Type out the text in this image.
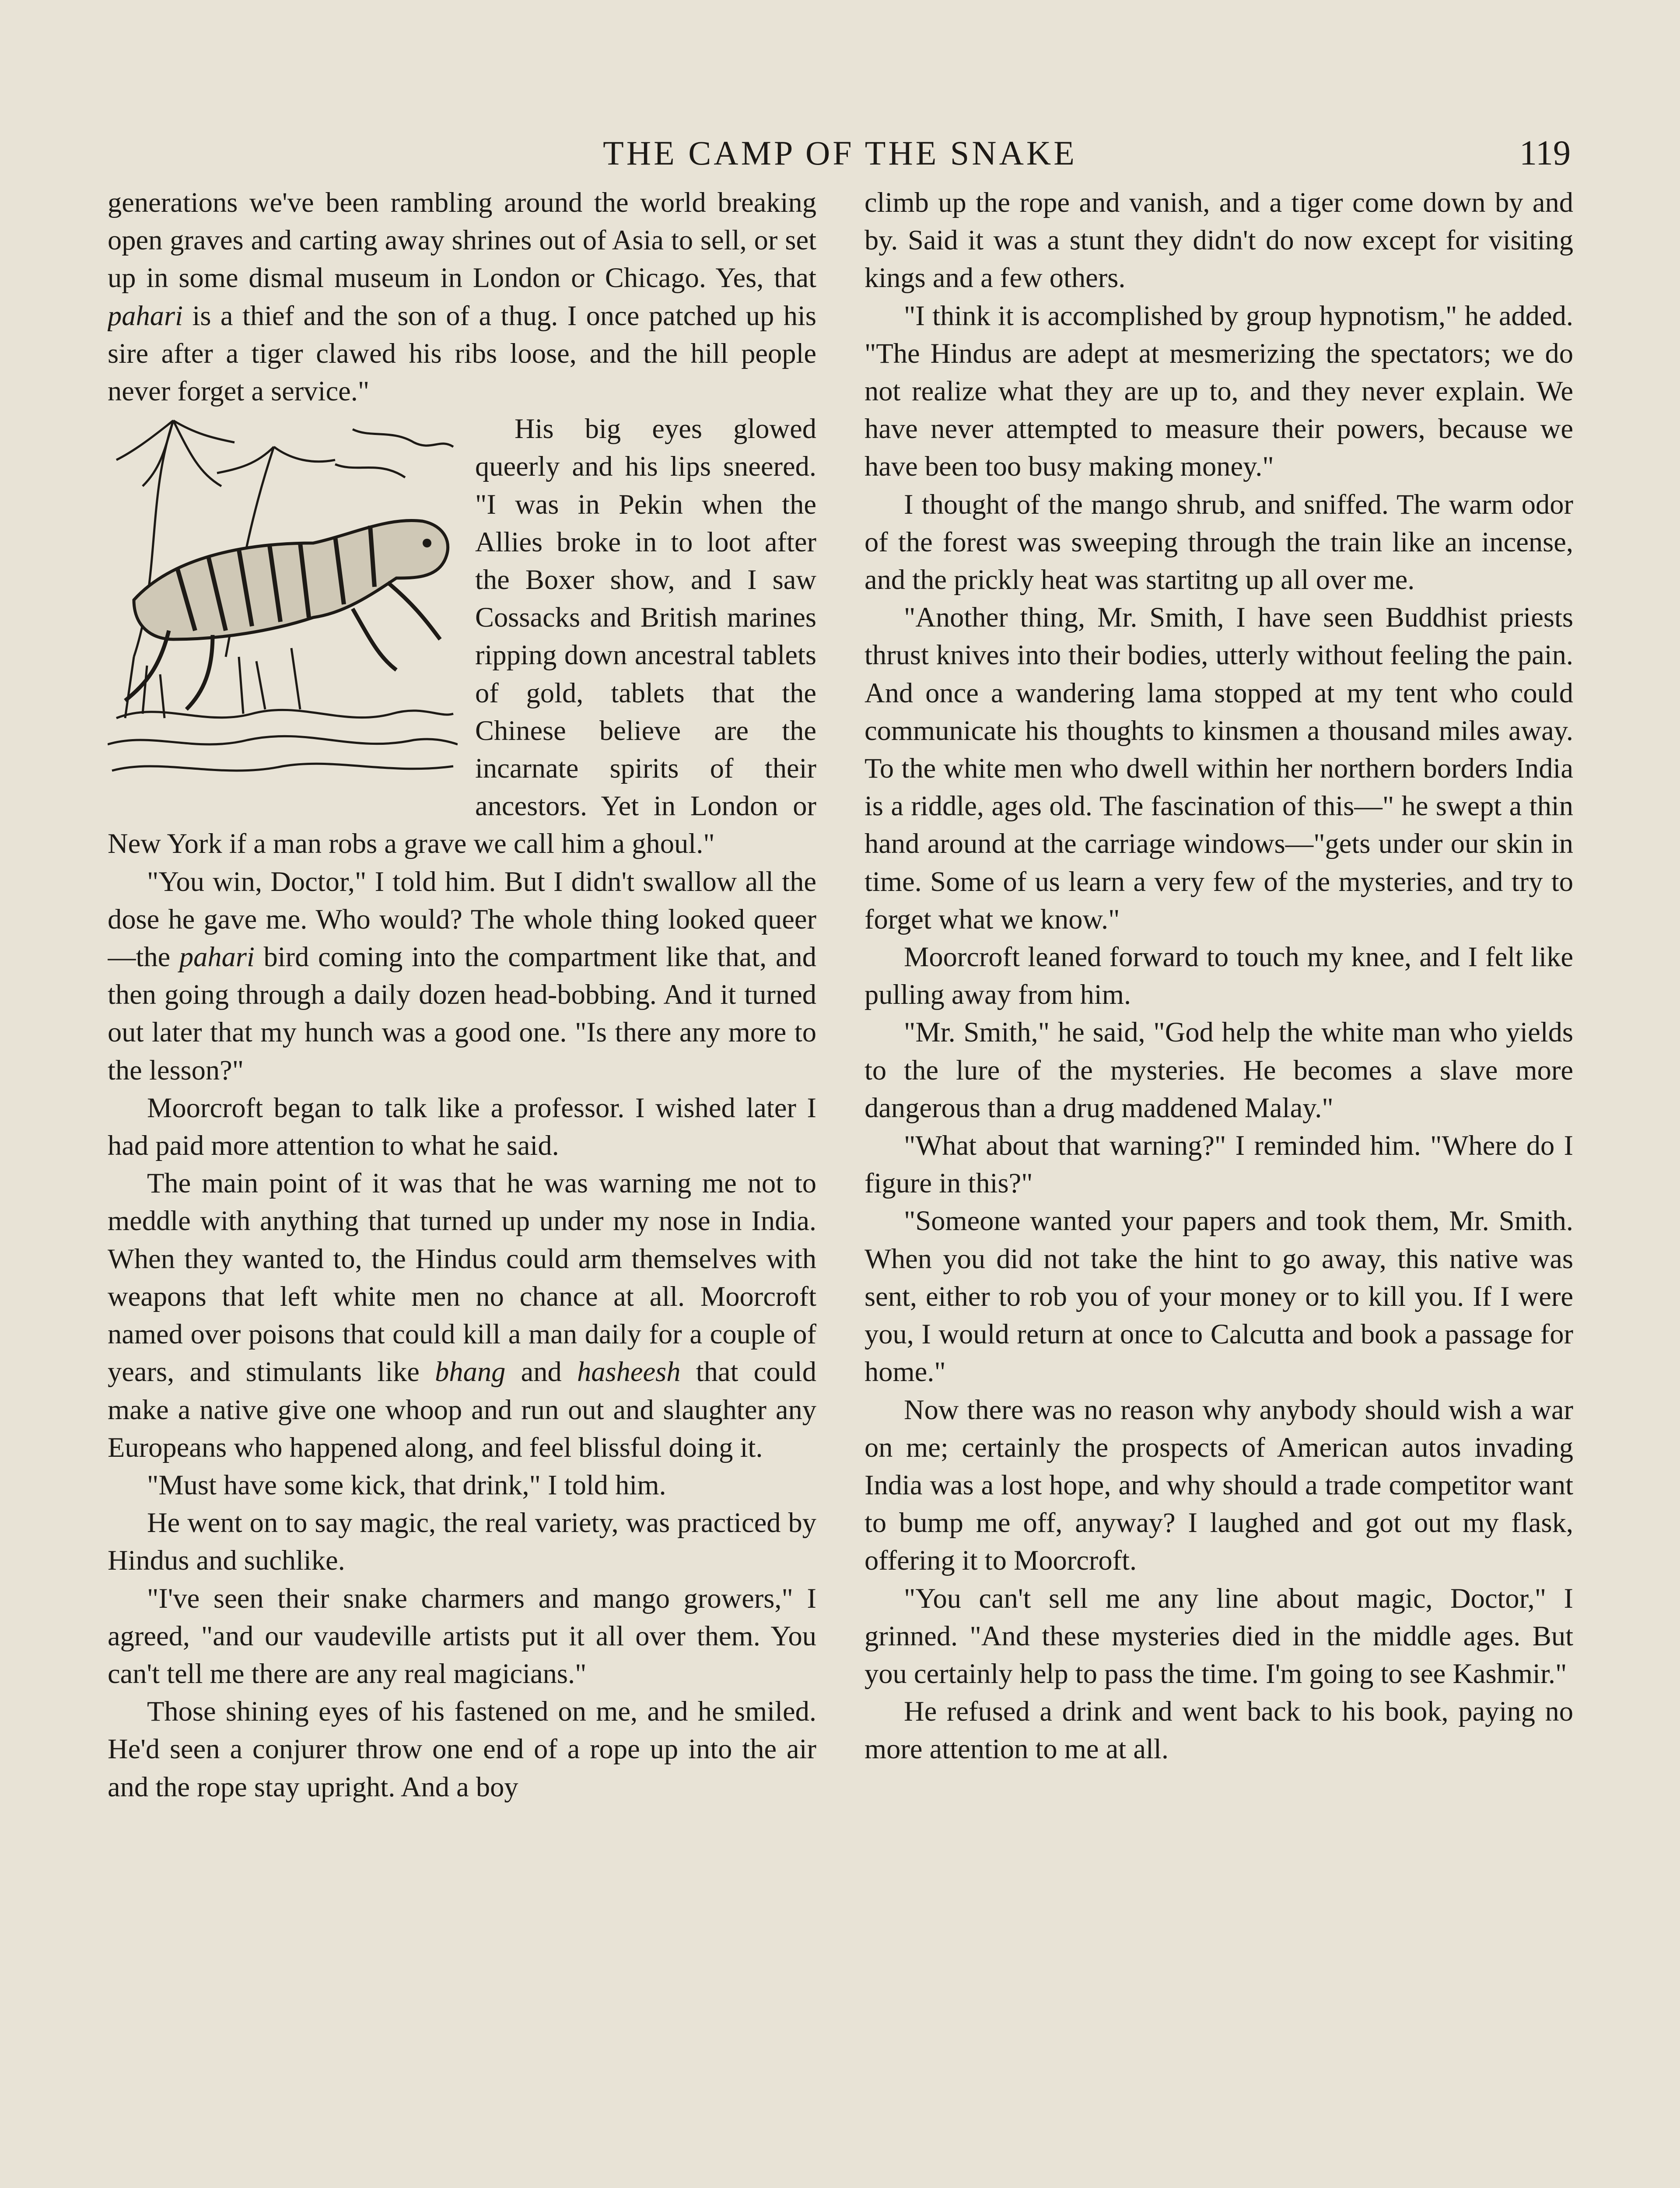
THE CAMP OF THE SNAKE	119

generations we've been rambling around the world breaking open graves and carting away shrines out of Asia to sell, or set up in some dismal museum in London or Chicago. Yes, that pahari is a thief and the son of a thug. I once patched up his sire after a tiger clawed his ribs loose, and the hill people never forget a service."

His big eyes glowed queerly and his lips sneered. "I was in Pekin when the Allies broke in to loot after the Boxer show, and I saw Cossacks and British marines ripping down ancestral tablets of gold, tablets that the Chinese believe are the incarnate spirits of their ancestors. Yet in London or New York if a man robs a grave we call him a ghoul."

"You win, Doctor," I told him. But I didn't swallow all the dose he gave me. Who would? The whole thing looked queer—the pahari bird coming into the compartment like that, and then going through a daily dozen head-bobbing. And it turned out later that my hunch was a good one. "Is there any more to the lesson?"

Moorcroft began to talk like a professor. I wished later I had paid more attention to what he said.

The main point of it was that he was warning me not to meddle with anything that turned up under my nose in India. When they wanted to, the Hindus could arm themselves with weapons that left white men no chance at all. Moorcroft named over poisons that could kill a man daily for a couple of years, and stimulants like bhang and hasheesh that could make a native give one whoop and run out and slaughter any Europeans who happened along, and feel blissful doing it.

"Must have some kick, that drink," I told him.

He went on to say magic, the real variety, was practiced by Hindus and suchlike.

"I've seen their snake charmers and mango growers," I agreed, "and our vaudeville artists put it all over them. You can't tell me there are any real magicians."

Those shining eyes of his fastened on me, and he smiled. He'd seen a conjurer throw one end of a rope up into the air and the rope stay upright. And a boy

climb up the rope and vanish, and a tiger come down by and by. Said it was a stunt they didn't do now except for visiting kings and a few others.

"I think it is accomplished by group hypnotism," he added. "The Hindus are adept at mesmerizing the spectators; we do not realize what they are up to, and they never explain. We have never attempted to measure their powers, because we have been too busy making money."

I thought of the mango shrub, and sniffed. The warm odor of the forest was sweeping through the train like an incense, and the prickly heat was startitng up all over me.

"Another thing, Mr. Smith, I have seen Buddhist priests thrust knives into their bodies, utterly without feeling the pain. And once a wandering lama stopped at my tent who could communicate his thoughts to kinsmen a thousand miles away. To the white men who dwell within her northern borders India is a riddle, ages old. The fascination of this—" he swept a thin hand around at the carriage windows—"gets under our skin in time. Some of us learn a very few of the mysteries, and try to forget what we know."

Moorcroft leaned forward to touch my knee, and I felt like pulling away from him.

"Mr. Smith," he said, "God help the white man who yields to the lure of the mysteries. He becomes a slave more dangerous than a drug maddened Malay."

"What about that warning?" I reminded him. "Where do I figure in this?"

"Someone wanted your papers and took them, Mr. Smith. When you did not take the hint to go away, this native was sent, either to rob you of your money or to kill you. If I were you, I would return at once to Calcutta and book a passage for home."

Now there was no reason why anybody should wish a war on me; certainly the prospects of American autos invading India was a lost hope, and why should a trade competitor want to bump me off, anyway? I laughed and got out my flask, offering it to Moorcroft.

"You can't sell me any line about magic, Doctor," I grinned. "And these mysteries died in the middle ages. But you certainly help to pass the time. I'm going to see Kashmir."

He refused a drink and went back to his book, paying no more attention to me at all.
